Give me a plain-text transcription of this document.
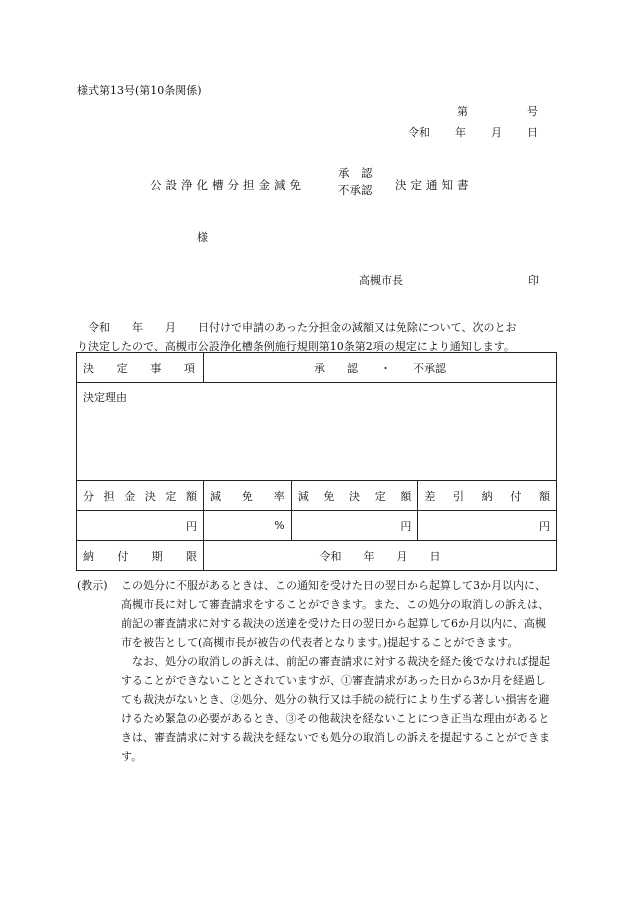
様式第13号(第10条関係)
第	号
令和 年 月 日
公設浄化槽分担金減免
承　認
不承認 決定通知書
様
高槻市長	印
令和　　年　　月　　日付けで申請のあった分担金の減額又は免除について、次のとお
り決定したので、高槻市公設浄化槽条例施行規則第10条第2項の規定により通知します。
決定事項	承　　認　　・　　不承認		
決定理由			

分担金決定額	減免率	減免決定額	差引納付額

円	%	円	円

納付期限	令和　　年　　月　　日		
(教示) この処分に不服があるときは、この通知を受けた日の翌日から起算して3か月以内に、高槻市長に対して審査請求をすることができます。また、この処分の取消しの訴えは、前記の審査請求に対する裁決の送達を受けた日の翌日から起算して6か月以内に、高槻市を被告として(高槻市長が被告の代表者となります。)提起することができます。

なお、処分の取消しの訴えは、前記の審査請求に対する裁決を経た後でなければ提起することができないこととされていますが、①審査請求があった日から3か月を経過しても裁決がないとき、②処分、処分の執行又は手続の続行により生ずる著しい損害を避けるため緊急の必要があるとき、③その他裁決を経ないことにつき正当な理由があるときは、審査請求に対する裁決を経ないでも処分の取消しの訴えを提起することができます。
